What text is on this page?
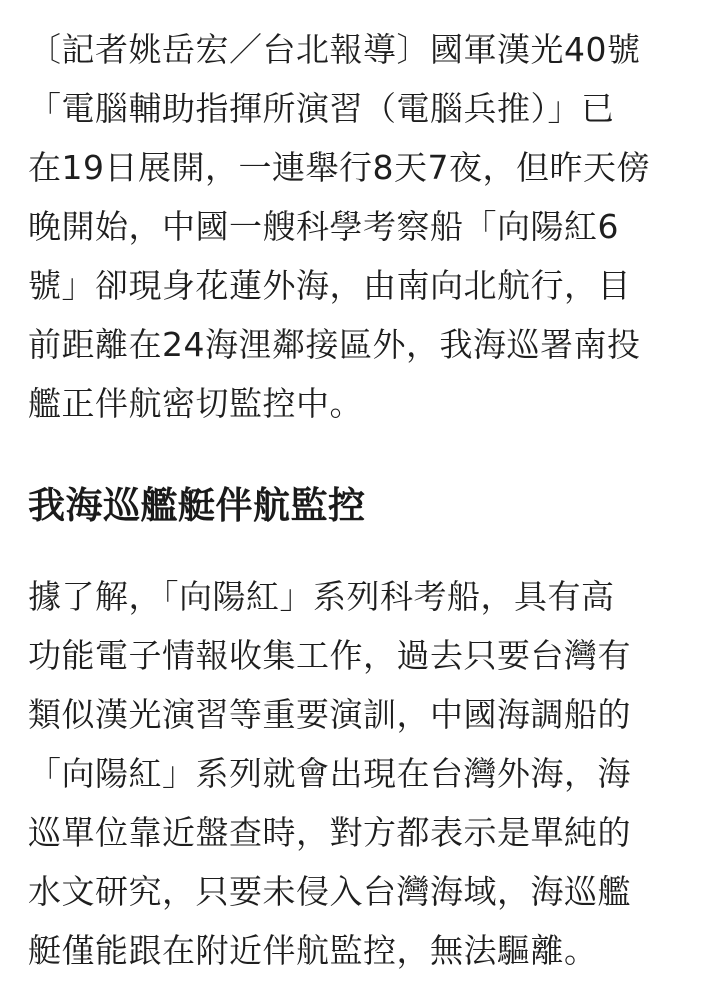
〔記者姚岳宏／台北報導〕國軍漢光40號
「電腦輔助指揮所演習（電腦兵推）」已
在19日展開，一連舉行8天7夜，但昨天傍
晚開始，中國一艘科學考察船「向陽紅6
號」卻現身花蓮外海，由南向北航行，目
前距離在24海浬鄰接區外，我海巡署南投
艦正伴航密切監控中。
我海巡艦艇伴航監控
據了解，「向陽紅」系列科考船，具有高
功能電子情報收集工作，過去只要台灣有
類似漢光演習等重要演訓，中國海調船的
「向陽紅」系列就會出現在台灣外海，海
巡單位靠近盤查時，對方都表示是單純的
水文研究，只要未侵入台灣海域，海巡艦
艇僅能跟在附近伴航監控，無法驅離。
